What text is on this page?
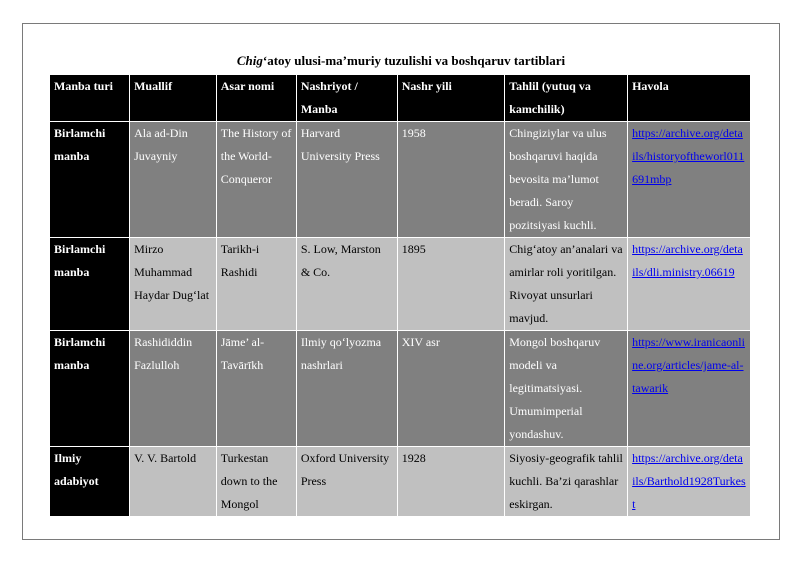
Chig‘atoy ulusi-ma’muriy tuzulishi va boshqaruv tartiblari
Manba turi	Muallif	Asar nomi	Nashriyot / Manba	Nashr yili	Tahlil (yutuq va kamchilik)	Havola
Birlamchi manba	Ala ad-Din Juvayniy	The History of the World-Conqueror	Harvard University Press	1958	Chingiziylar va ulus boshqaruvi haqida bevosita ma’lumot beradi. Saroy pozitsiyasi kuchli.	https://archive.org/details/historyoftheworl011691mbp
Birlamchi manba	Mirzo Muhammad Haydar Dug‘lat	Tarikh-i Rashidi	S. Low, Marston & Co.	1895	Chig‘atoy an’analari va amirlar roli yoritilgan. Rivoyat unsurlari mavjud.	https://archive.org/details/dli.ministry.06619
Birlamchi manba	Rashididdin Fazlulloh	Jāme’ al-Tavārīkh	Ilmiy qo‘lyozma nashrlari	XIV asr	Mongol boshqaruv modeli va legitimatsiyasi. Umumimperial yondashuv.	https://www.iranicaonline.org/articles/jame-al-tawarik
Ilmiy adabiyot	V. V. Bartold	Turkestan down to the Mongol	Oxford University Press	1928	Siyosiy-geografik tahlil kuchli. Ba’zi qarashlar eskirgan.	https://archive.org/details/Barthold1928Turkest
